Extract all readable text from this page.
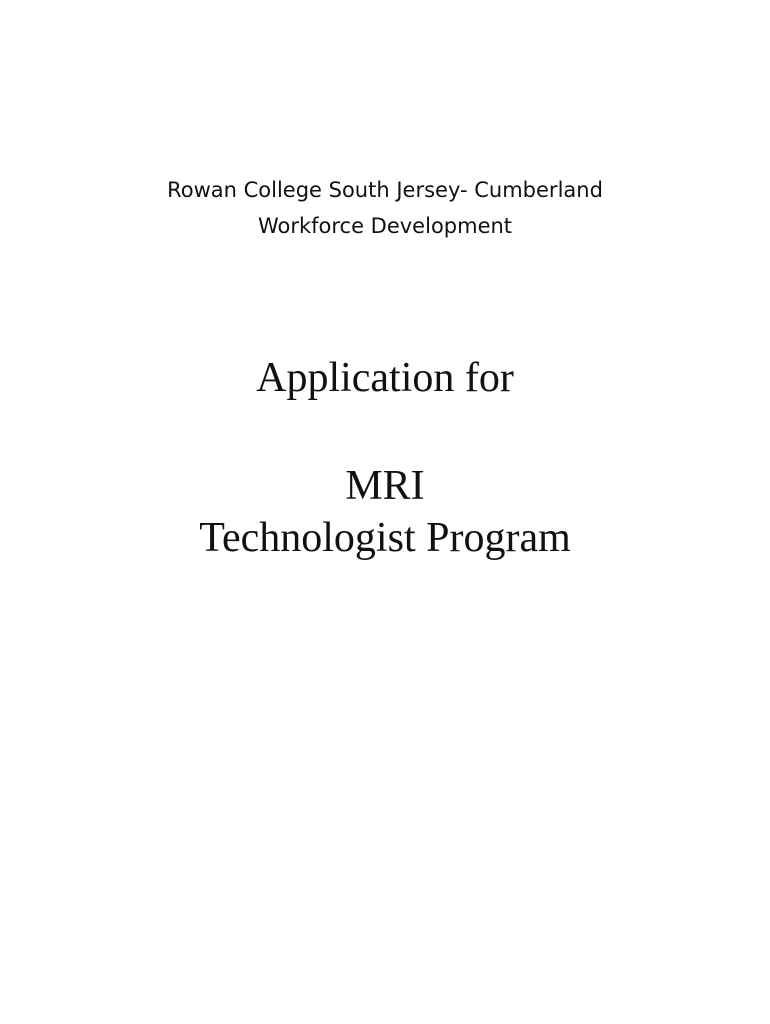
Rowan College South Jersey- Cumberland
Workforce Development
Application for
MRI
Technologist Program
